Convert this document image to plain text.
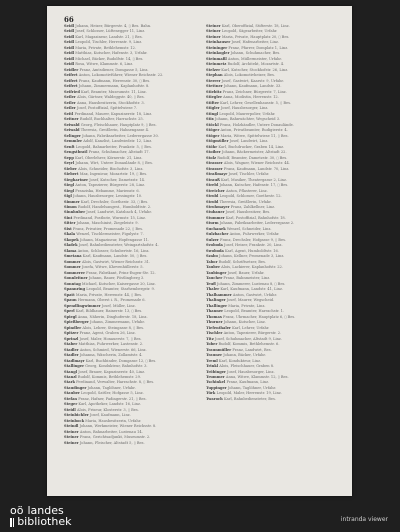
66
Seidl Johann, Heizer, Bürgerstr. 4, ▯ Bes. Bahn.
Seidl Josef, Schlosser, Lüftenegger 11, Linz.
Seidl Karl, Magazineur, Landstr. 21, ▯ Bes.
Seidl Leopold, Tischler, Herrenstr. 9, Linz.
Seidl Maria, Private, Bethlehemstr. 12.
Seidl Matthias, Kutscher, Hafenstr. 3, Urfahr.
Seidl Michael, Bäcker, Rudolfstr. 14, ▯ Bes.
Seidl Rosa, Witwe, Klammstr. 6, Linz.
Seidler Franz, Amtsdiener, Domgasse 5, Linz.
Seifert Anton, Lokomotivführer, Wiener Reichsstr. 22.
Seifert Franz, Kaufmann, Herrenstr. 30, ▯ Bes.
Seifert Johann, Zimmermann, Kaplanhofstr. 8.
Seifried Karl, Beamter, Museumstr. 11, Linz.
Seiler Alois, Gärtner, Waldeggstr. 40, ▯ Bes.
Seiler Anna, Hausbesitzerin, Stockhofstr. 3.
Seiler Josef, Postoffizial, Spittelwiese 7.
Seitl Ferdinand, Maurer, Kapuzinerstr. 18, Linz.
Seitner Rudolf, Buchhalter, Harrachstr. 25.
Seiwald Georg, Fleischhauer, Hauptplatz 9, ▯ Bes.
Seiwald Theresia, Greißlerin, Hahnengasse 4.
Selinger Johann, Fabriksarbeiter, Lederergasse 30.
Semmler Adolf, Kanzlist, Landwiedstr. 12, Linz.
Senft Leopold, Bahnarbeiter, Frankstr. 5, ▯ Bes.
Sengstbratl Franz, Schuhmacher, Altstadt 17.
Sepp Karl, Oberlehrer, Körnerstr. 21, Linz.
Seyrl Johann, Wirt, Untere Donaulände 8, ▯ Bes.
Sieber Alois, Schneider, Bischofstr. 3, Linz.
Siebert Max, Ingenieur, Mozartstr. 19, ▯ Bes.
Sieghartner Josef, Kutscher, Dametzstr. 14.
Siegl Anton, Tapezierer, Bürgerstr. 28, Linz.
Siegl Franziska, Hebamme, Marienstr. 6.
Sigl Johann, Hausbesorger, Lessingstr. 10.
Simmer Karl, Drechsler, Goethestr. 33, ▯ Bes.
Simon Rudolf, Handelsangest., Humboldtstr. 2.
Sinnhuber Josef, Landwirt, Katzbach 4, Urfahr.
Sint Ferdinand, Postbote, Wurmstr. 15, Linz.
Sitter Johann, Maschinist, Ziegeleistr. 9.
Sixt Franz, Privatier, Promenade 22, ▯ Bes.
Skala Wenzel, Tischlermeister, Figulystr. 7.
Skopek Johann, Magazineur, Hopfengasse 11.
Sladek Josef, Bahnbediensteter, Weingartshofstr. 4.
Slama Anton, Schlosser, Schubertstr. 16, Linz.
Smetana Karl, Kaufmann, Landstr. 50, ▯ Bes.
Sommer Alois, Gastwirt, Wiener Reichsstr. 31.
Sommer Josefa, Witwe, Khevenhüllerstr. 5.
Sommerer Franz, Fabrikant, Prinz-Eugen-Str. 12.
Sonnleitner Johann, Bauer, Pöstlingberg 3.
Sonntag Michael, Kutscher, Kaisergasse 20, Linz.
Spannring Leopold, Beamter, Starhembergstr. 9.
Spatt Maria, Private, Herrenstr. 44, ▯ Bes.
Spaun Hermann, Oberst i. R., Promenade 6.
Spendlingwimmer Josef, Müller, Linz.
Sperl Karl, Bildhauer, Rainerstr. 13, ▯ Bes.
Spiegl Anna, Näherin, Dinghoferstr. 18, Linz.
Spießberger Johann, Zimmermann, Urfahr.
Spindler Alois, Lehrer, Steingasse 8, ▯ Bes.
Spitzer Franz, Agent, Graben 26, Linz.
Sprinzl Josef, Maler, Honauerstr. 7, ▯ Bes.
Staber Matthias, Fuhrwerker, Lastenstr. 2.
Stadler Anton, Schmied, Wienerstr. 66, Linz.
Stadler Johanna, Wäscherin, Zollamtstr. 4.
Stadlmayr Karl, Buchbinder, Domgasse 12, ▯ Bes.
Stallinger Georg, Kondukteur, Bahnhofstr. 3.
Stangl Josef, Brauer, Kapuzinerstr. 40, Linz.
Stanzl Rudolf, Kommis, Bethlehemstr. 29.
Stark Ferdinand, Verwalter, Harrachstr. 8, ▯ Bes.
Staudinger Johann, Taglöhner, Urfahr.
Stauber Leopold, Sattler, Hofgasse 5, Linz.
Stefan Franz, Hafner, Fadingerstr. 21, ▯ Bes.
Steger Karl, Apotheker, Landstr. 16, Linz.
Steidl Alois, Friseur, Klosterstr. 3, ▯ Bes.
Steinbichler Josef, Kaufmann, Linz.
Steinbock Maria, Hausbesitzerin, Urfahr.
Steindl Johann, Werkmeister, Wiener Reichsstr. 8.
Steiner Anton, Bahnarbeiter, Lustenau 14.
Steiner Franz, Gerichtsadjunkt, Museumstr. 2.
Steiner Johann, Fleischer, Altstadt 5, ▯ Bes.
Steiner Karl, Oberoffizial, Stifterstr. 18, Linz.
Steiner Leopold, Sägearbeiter, Urfahr.
Steiner Maria, Private, Hauptplatz 20, ▯ Bes.
Steinhauser Josef, Hafenarbeiter, Linz.
Steininger Franz, Pfarrer, Domplatz 1, Linz.
Steinkogler Johann, Schuhmacher, Bes.
Steinmaßl Anton, Müllermeister, Urfahr.
Steinmetz Rudolf, Architekt, Mozartstr. 4.
Stelzer Karl, Kutscher, Stockhofstr. 26, Linz.
Stephan Alois, Lokomotivheizer, Bes.
Sterrer Josef, Gastwirt, Kaarstr. 9, Urfahr.
Stettner Johann, Kaufmann, Landstr. 33.
Stiebitz Franz, Zeichner, Bürgerstr. 7, Linz.
Stiegler Anna, Modistin, Herrenstr. 12.
Stifter Karl, Lehrer, Gesellenhausstr. 5, ▯ Bes.
Stigler Josef, Hausbesorger, Linz.
Stingl Leopold, Maurerpolier, Urfahr.
Stix Johann, Bahnwächter, Wegscheid 3.
Stöckl Franz, Holzhändler, Untere Donaulände.
Stöger Anton, Privatbeamter, Rudigierstr. 4.
Stöger Maria, Witwe, Spittelwiese 11, ▯ Bes.
Stögmüller Josef, Landwirt, Linz.
Stöhr Karl, Buchdrucker, Graben 14, Linz.
Stoiber Johann, Bäckermeister, Altstadt 22.
Stolz Rudolf, Beamter, Dametzstr. 30, ▯ Bes.
Strasser Alois, Wagner, Wiener Reichsstr. 44.
Strasser Franz, Kaufmann, Landstr. 70, Linz.
Straßmayr Josef, Tischler, Urfahr.
Strauß Karl, Musiker, Theatergasse 2, Linz.
Strebl Johann, Kutscher, Hafenstr. 17, ▯ Bes.
Streicher Anton, Pflasterer, Linz.
Strobl Leopold, Schlosser, Goethestr. 12.
Strobl Theresia, Greißlerin, Urfahr.
Strohmayer Franz, Zahlkellner, Linz.
Stubauer Josef, Hausbesitzer, Bes.
Stummer Karl, Postoffizial, Bahnhofstr. 18.
Sturm Johann, Fabriksarbeiter, Lederergasse 2.
Suchanek Wenzel, Schneider, Linz.
Sulzbacher Anton, Fuhrwerker, Urfahr.
Sulzer Franz, Drechsler, Hofgasse 9, ▯ Bes.
Svoboda Josef, Heizer, Frankstr. 20, Linz.
Swoboda Karl, Agent, Humboldtstr. 16.
Szabo Johann, Kellner, Promenade 3, Linz.
Tabor Rudolf, Schriftsetzer, Bes.
Tauber Alois, Lackierer, Kaplanhofstr. 22.
Taubinger Josef, Bauer, Urfahr.
Taucher Franz, Bahnmeister, Linz.
Teufl Johann, Zimmerer, Lustenau 8, ▯ Bes.
Thaler Karl, Kaufmann, Landstr. 41, Linz.
Thalhammer Anton, Gastwirt, Urfahr.
Thalinger Josef, Maurer, Wegscheid.
Thallinger Maria, Private, Linz.
Thanner Leopold, Beamter, Harrachstr. 1.
Thomas Franz, Uhrmacher, Hauptplatz 6, ▯ Bes.
Thurner Johann, Kutscher, Linz.
Tiefenthaler Karl, Lehrer, Urfahr.
Tischler Anton, Tapezierer, Bürgerstr. 2.
Titz Josef, Schuhmacher, Altstadt 9, Linz.
Tober Rudolf, Kommis, Bethlehemstr. 6.
Traunmüller Franz, Landwirt, Bes.
Trauner Johann, Bäcker, Urfahr.
Treml Karl, Kondukteur, Linz.
Trinkl Alois, Fleischhauer, Graben 8.
Tröbinger Josef, Hausbesorger, Linz.
Trummer Anna, Witwe, Klammstr. 12, ▯ Bes.
Tschinkel Franz, Kaufmann, Linz.
Tuppinger Johann, Taglöhner, Urfahr.
Türk Leopold, Maler, Herrenstr. 19, Linz.
Twaroch Karl, Bahnbediensteter, Bes.
oö landes
bibliothek	intranda viewer
